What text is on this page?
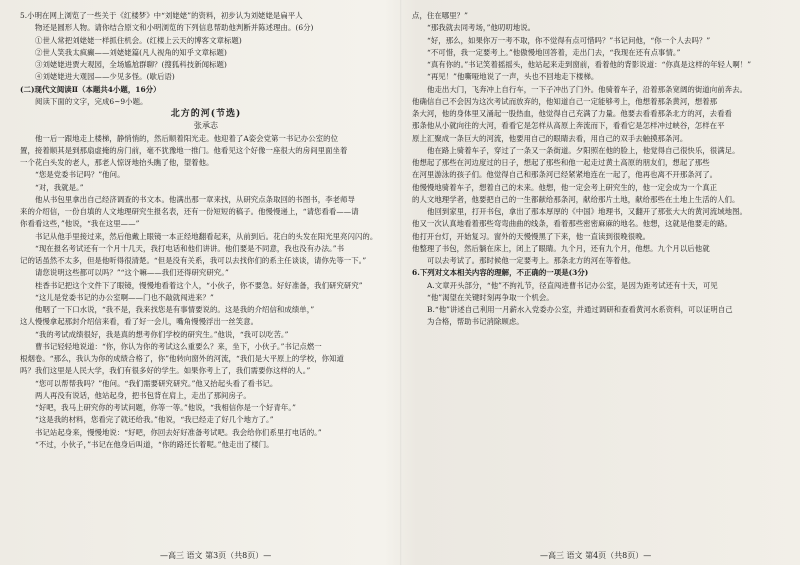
5.小明在网上浏览了一些关于《红楼梦》中“刘姥姥”的资料，初步认为刘姥姥是扁平人
物还是圆形人物。请你结合原文和小明浏览的下列信息帮助他判断并陈述理由。(6分)
①世人常把刘姥姥一样抓住机会。(红楼上云天的博客文章标题)
②世人笑我太疯癫——刘姥姥篇(凡人视角的知乎文章标题)
③刘姥姥进贾大观园，全场尴尬群聊？(搜狐科技新闻标题)
④刘姥姥进大观园——少见多怪。(歇后语)
(二)现代文阅读Ⅱ（本题共4小题，16分）
阅读下面的文字，完成6~9小题。
北方的河(节选)
张承志
他一后一跟地走上楼梯，静悄悄的，然后顺着阳光走。他迎着了A姿会党第一书记办公室的位
置，接着顺其是到那扇虚掩的房门前，毫不犹豫地一推门。他看见这个好像一座很大的房间里面坐着
一个花白头发的老人，那老人惊讶地抬头瞧了他，望着他。
“您是党委书记吗？”他问。
“对，我就是。”
他从书包里拿出自己经济调查的书文本。他满出那一章来找，从研究点条取回的书图书，李老师导
来的介绍信，一份自填的人文地理研究生报名表，还有一份短短的稿子。他慢慢递上，“请您看看——请
你看看这些，”他说，“我在这里——”
书记从他手里接过来，然后他戴上眼镜一本正经地翻看起来，从前到后。花白的头发在阳光里亮闪闪的。
“现在报名考试还有一个月十几天，我打电话和他们讲讲。他们要是不同意，我也没有办法。”书
记的话虽然不太多，但是他听得很清楚。“但是没有关系，我可以去找你们的系主任谈谈，请你先等一下。”
请您说明这些都可以吗？”“这个嘛——我们还得研究研究。”
桂香书记把这个文件下了眼镜，慢慢地看着这个人，“小伙子，你不要急。好好准备，我们研究研究”
“这儿是党委书记的办公室啊——门也不敲就闯进来？”
他咽了一下口水说，“我不是，我来找您是有事情要说的。这是我的介绍信和成绩单，”
这人慢慢拿起那封介绍信来看，看了好一会儿，嘴角慢慢浮出一丝笑意。
“我的考试成绩很好，我是真的想考你们学校的研究生。”他说，“我可以吃苦。”
曹书记轻轻地说道：“你，你认为你的考试这么重要么？来，坐下，小伙子。”书记点燃一
根烟卷。“那么，我认为你的成绩合格了，你”他转向窗外的河流，“我们是大平原上的学校，你知道
吗？我们这里是人民大学，我们有很多好的学生。如果你考上了，我们需要你这样的人。”
“您可以帮帮我吗？”他问。“我们需要研究研究。”他又抬起头看了看书记。
两人再没有说话，他站起身，把书包背在肩上，走出了那间房子。
“好吧，我马上研究你的考试问题，你等一等。”他说，“我相信你是一个好青年。”
“这是我的材料，您看完了就还给我。”他说，“我已经走了好几个地方了。”
书记站起身来，慢慢地说：“好吧，你回去好好准备考试吧。我会给你们系里打电话的。”
“不过，小伙子，”书记在他身后叫道，“你的路还长着呢。”他走出了楼门。
点，住在哪里？”
“那我就去同考场，”他叨叨地说。
“好，那么，如果你万一考不取，你不觉得有点可惜吗？”书记问他，“你一个人去吗？”
“不可惜，我一定要考上。”他傲慢地回答着，走出门去，“我现在还有点事情。”
“真有你的。”书记笑着摇摇头，他站起来走到窗前，看着他的背影说道：“你真是这样的年轻人啊！”
“再见！”他嘶哑地说了一声，头也不回地走下楼梯。
他走出大门，飞奔冲上自行车，一下子冲出了门外。他骑着车子，沿着那条宽阔的街道向前奔去。
他确信自己不会因为这次考试而放弃的，他知道自己一定能够考上，他想着那条黄河，想着那
条大河，他的身体里又涌起一股热血，他觉得自己充满了力量。他要去看看那条北方的河，去看看
那条他从小就向往的大河，看看它是怎样从高原上奔流而下，看看它是怎样冲过峡谷，怎样在平
原上汇聚成一条巨大的河流，他要用自己的眼睛去看，用自己的双手去触摸那条河。
他在路上骑着车子，穿过了一条又一条街道。夕阳照在他的脸上，他觉得自己很快乐，很满足。
他想起了那些在河边度过的日子，想起了那些和他一起走过黄土高原的朋友们，想起了那些
在河里游泳的孩子们。他觉得自己和那条河已经紧紧地连在一起了，他再也离不开那条河了。
他慢慢地骑着车子，想着自己的未来。他想，他一定会考上研究生的，他一定会成为一个真正
的人文地理学者，他要把自己的一生都献给那条河，献给那片土地，献给那些在土地上生活的人们。
他回到家里，打开书包，拿出了那本厚厚的《中国》地理书，又翻开了那张大大的黄河流域地图。
他又一次认真地看着那些弯弯曲曲的线条，看着那些密密麻麻的地名。他想，这就是他要走的路。
他打开台灯，开始复习。窗外的天慢慢黑了下来，他一直读到很晚很晚。
他整理了书包，然后躺在床上，闭上了眼睛。九个月，还有九个月，他想。九个月以后他就
可以去考试了。那时候他一定要考上。那条北方的河在等着他。
6.下列对文本相关内容的理解，不正确的一项是(3分)
A.文章开头部分，“他”不拘礼节，径直闯进曹书记办公室，是因为距考试还有十天，可见
“他”渴望在关键时刻再争取一个机会。
B.“他”讲述自己利用一月薪水入党委办公室，并通过调研和查看黄河水系资料，可以证明自己
为合格，帮助书记消除顾虑。
—高三 语文 第3页（共8页）—	—高三 语文 第4页（共8页）—
